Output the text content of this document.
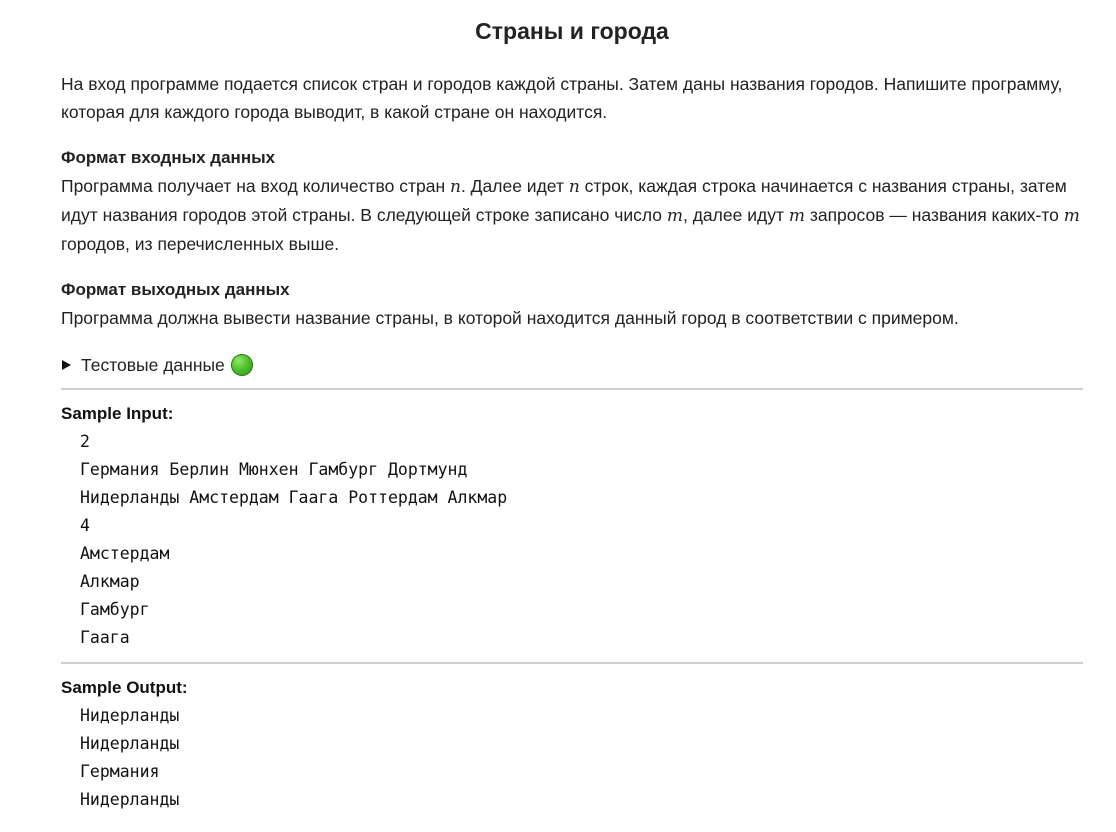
Страны и города

На вход программе подается список стран и городов каждой страны. Затем даны названия городов. Напишите программу, которая для каждого города выводит, в какой стране он находится.

Формат входных данных

Программа получает на вход количество стран n. Далее идет n строк, каждая строка начинается с названия страны, затем идут названия городов этой страны. В следующей строке записано число m, далее идут m запросов — названия каких-то m городов, из перечисленных выше.

Формат выходных данных

Программа должна вывести название страны, в которой находится данный город в соответствии с примером.

Тестовые данные
Sample Input:
2
Германия Берлин Мюнхен Гамбург Дортмунд
Нидерланды Амстердам Гаага Роттердам Алкмар
4
Амстердам
Алкмар
Гамбург
Гаага
Sample Output:
Нидерланды
Нидерланды
Германия
Нидерланды
